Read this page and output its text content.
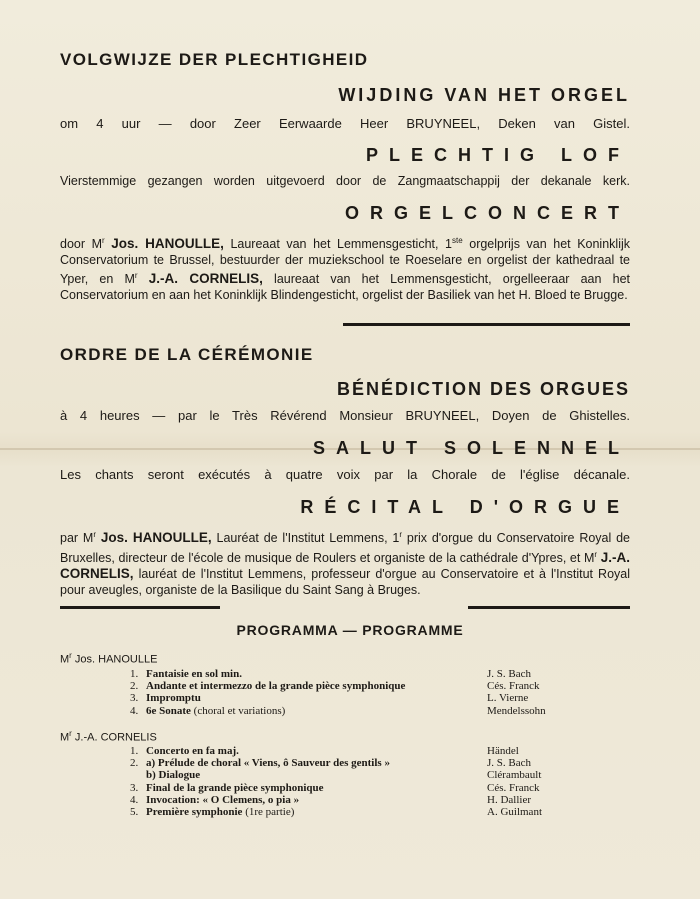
VOLGWIJZE DER PLECHTIGHEID
WIJDING VAN HET ORGEL

om 4 uur — door Zeer Eerwaarde Heer BRUYNEEL, Deken van Gistel.

PLECHTIG LOF

Vierstemmige gezangen worden uitgevoerd door de Zangmaatschappij der dekanale kerk.

ORGELCONCERT

door $M^r$ Jos. HANOULLE, Laureaat van het Lemmensgesticht, 1ste orgelprijs van het Koninklijk Conservatorium te Brussel, bestuurder der muziekschool te Roeselare en orgelist der kathedraal te Yper, en $M^r$ J.-A. CORNELIS, laureaat van het Lemmensgesticht, orgelleeraar aan het Conservatorium en aan het Koninklijk Blindengesticht, orgelist der Basiliek van het H. Bloed te Brugge.

ORDRE DE LA CÉRÉMONIE
BÉNÉDICTION DES ORGUES

à 4 heures — par le Très Révérend Monsieur BRUYNEEL, Doyen de Ghistelles.

SALUT SOLENNEL

Les chants seront exécutés à quatre voix par la Chorale de l'église décanale.

RÉCITAL D'ORGUE

par $M^r$ Jos. HANOULLE, Lauréat de l'Institut Lemmens, 1$^r$ prix d'orgue du Conservatoire Royal de Bruxelles, directeur de l'école de musique de Roulers et organiste de la cathédrale d'Ypres, et $M^r$ J.-A. CORNELIS, lauréat de l'Institut Lemmens, professeur d'orgue au Conservatoire et à l'Institut Royal pour aveugles, organiste de la Basilique du Saint Sang à Bruges.

PROGRAMMA — PROGRAMME

$M^r$ Jos. HANOULLE

1. Fantaisie en sol min.	J. S. Bach
2. Andante et intermezzo de la grande pièce symphonique	Cés. Franck
3. Impromptu	L. Vierne
4. 6e Sonate (choral et variations)	Mendelssohn

$M^r$ J.-A. CORNELIS

1. Concerto en fa maj.	Händel
2. a) Prélude de choral « Viens, ô Sauveur des gentils »	J. S. Bach
b) Dialogue	Clérambault
3. Final de la grande pièce symphonique	Cés. Franck
4. Invocation: « O Clemens, o pia »	H. Dallier
5. Première symphonie (1re partie)	A. Guilmant
